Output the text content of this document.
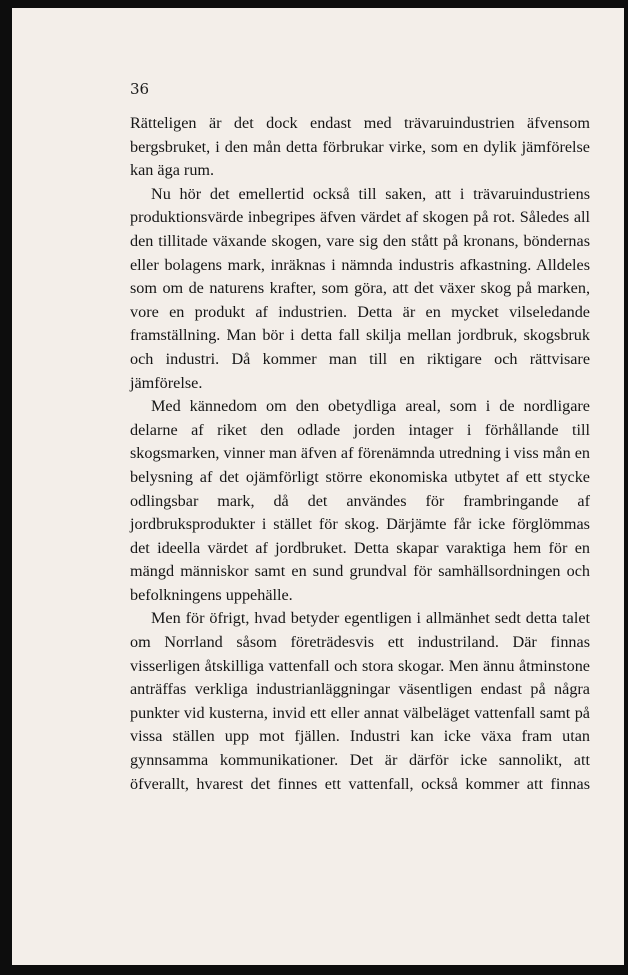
36

Rätteligen är det dock endast med trävaruindustrien äfvensom bergsbruket, i den mån detta förbrukar virke, som en dylik jämförelse kan äga rum.

Nu hör det emellertid också till saken, att i trävaruindustriens produktionsvärde inbegripes äfven värdet af skogen på rot. Således all den tillitade växande skogen, vare sig den stått på kronans, böndernas eller bolagens mark, inräknas i nämnda industris afkastning. Alldeles som om de naturens krafter, som göra, att det växer skog på marken, vore en produkt af industrien. Detta är en mycket vilseledande framställning. Man bör i detta fall skilja mellan jordbruk, skogsbruk och industri. Då kommer man till en riktigare och rättvisare jämförelse.

Med kännedom om den obetydliga areal, som i de nordligare delarne af riket den odlade jorden intager i förhållande till skogsmarken, vinner man äfven af förenämnda utredning i viss mån en belysning af det ojämförligt större ekonomiska utbytet af ett stycke odlingsbar mark, då det användes för frambringande af jordbruksprodukter i stället för skog. Därjämte får icke förglömmas det ideella värdet af jordbruket. Detta skapar varaktiga hem för en mängd människor samt en sund grundval för samhällsordningen och befolkningens uppehälle.

Men för öfrigt, hvad betyder egentligen i allmänhet sedt detta talet om Norrland såsom företrädesvis ett industriland. Där finnas visserligen åtskilliga vattenfall och stora skogar. Men ännu åtminstone anträffas verkliga industrianläggningar väsentligen endast på några punkter vid kusterna, invid ett eller annat välbeläget vattenfall samt på vissa ställen upp mot fjällen. Industri kan icke växa fram utan gynnsamma kommunikationer. Det är därför icke sannolikt, att öfverallt, hvarest det finnes ett vattenfall, också kommer att finnas
